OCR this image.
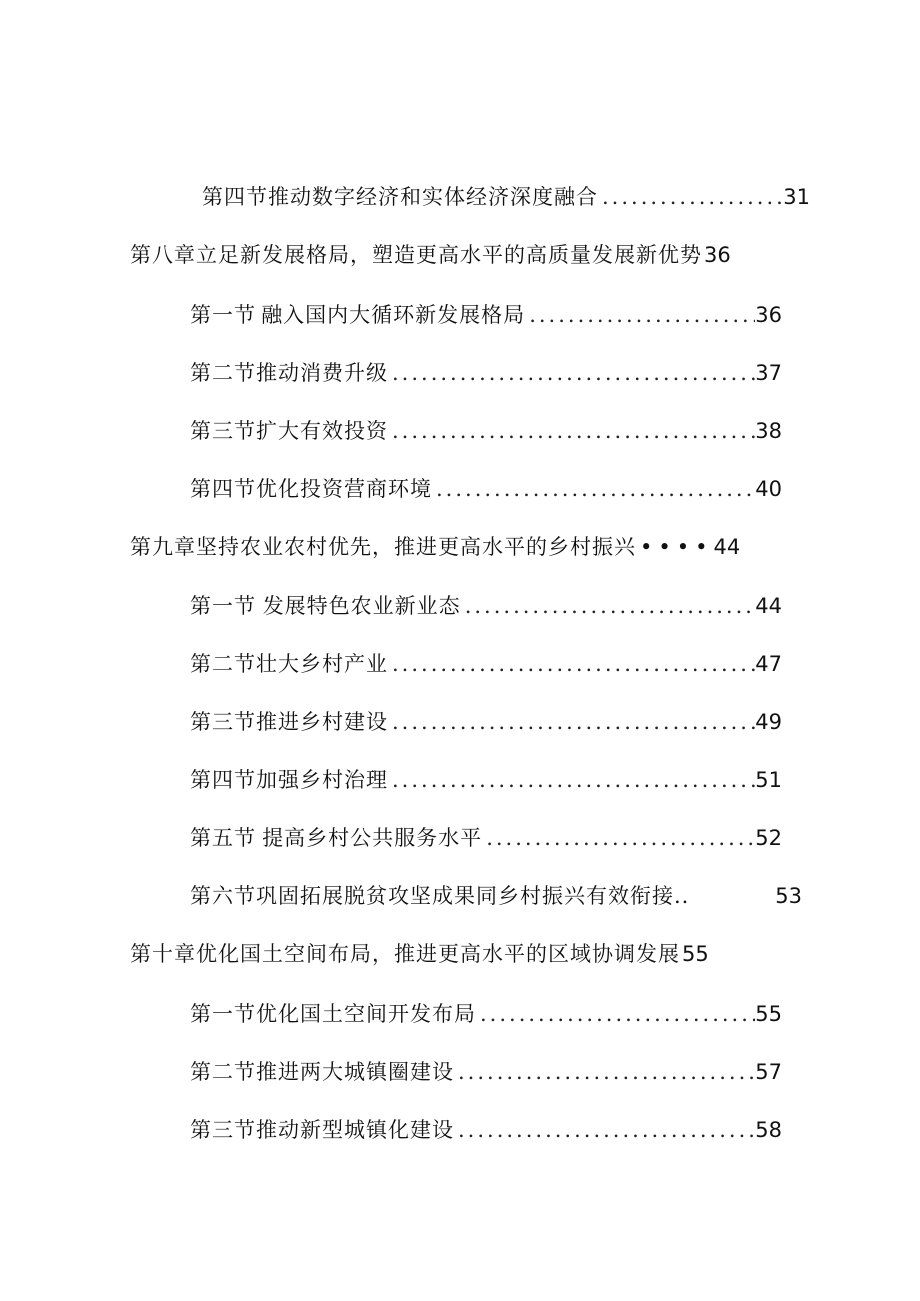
第四节推动数字经济和实体经济深度融合 .....	31
第八章立足新发展格局，塑造更高水平的高质量发展新优势 36
第一节 融入国内大循环新发展格局 .....	36
第二节推动消费升级 .....	37
第三节扩大有效投资 .....	38
第四节优化投资营商环境 .....	40
第九章坚持农业农村优先，推进更高水平的乡村振兴 •••• 44
第一节 发展特色农业新业态 .....	44
第二节壮大乡村产业 .....	47
第三节推进乡村建设 .....	49
第四节加强乡村治理 .....	51
第五节 提高乡村公共服务水平 .....	52
第六节巩固拓展脱贫攻坚成果同乡村振兴有效衔接..	53
第十章优化国土空间布局，推进更高水平的区域协调发展 55
第一节优化国土空间开发布局 .....	55
第二节推进两大城镇圈建设 .....	57
第三节推动新型城镇化建设 .....	58
